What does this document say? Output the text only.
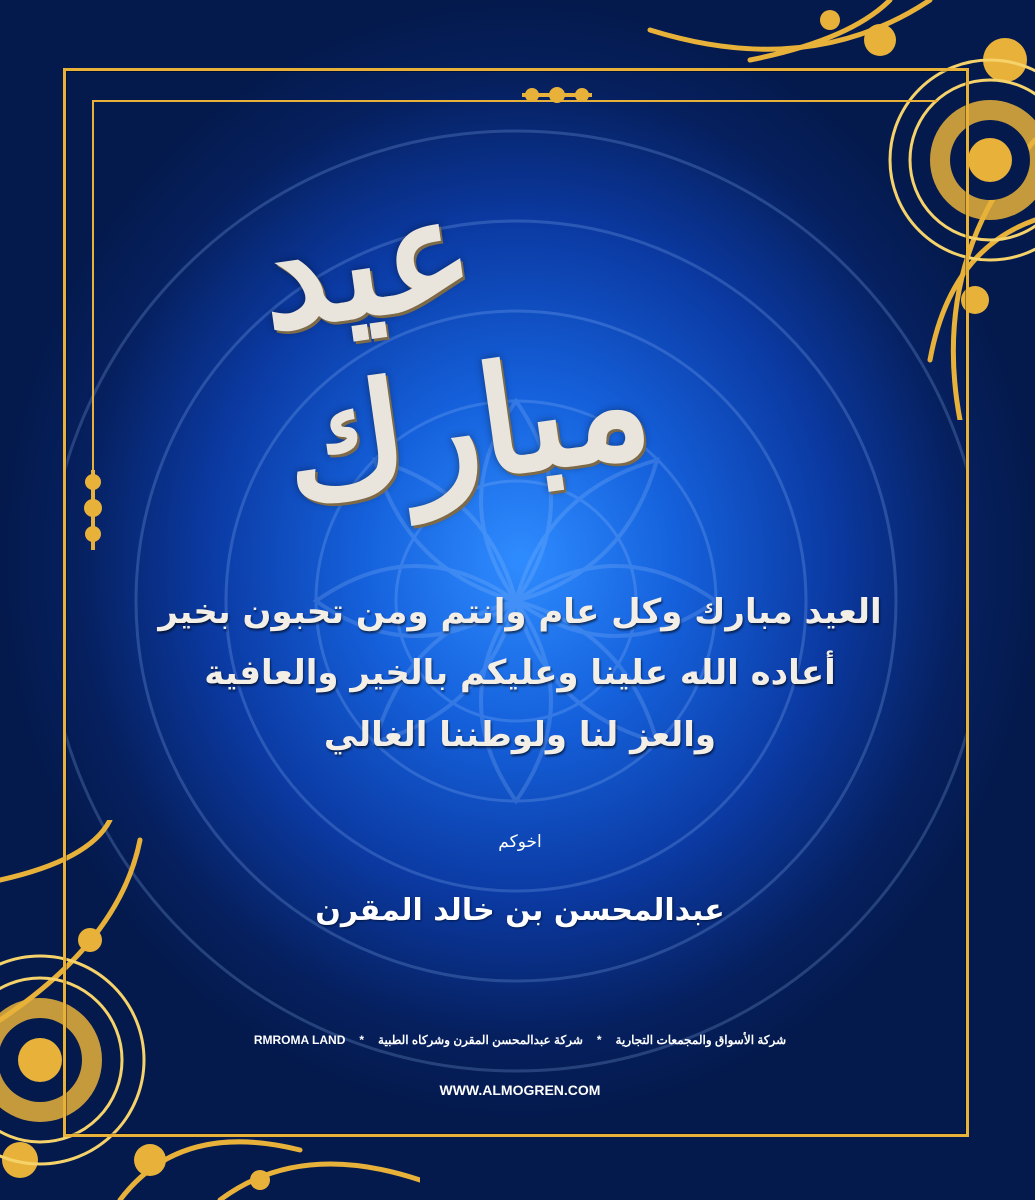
عيد مبارك
العيد مبارك وكل عام وانتم ومن تحبون بخير
أعاده الله علينا وعليكم بالخير والعافية
والعز لنا ولوطننا الغالي
اخوكم
عبدالمحسن بن خالد المقرن
شركة الأسواق والمجمعات التجارية
*
شركة عبدالمحسن المقرن وشركاه الطبية
*
RMROMA LAND
WWW.ALMOGREN.COM
